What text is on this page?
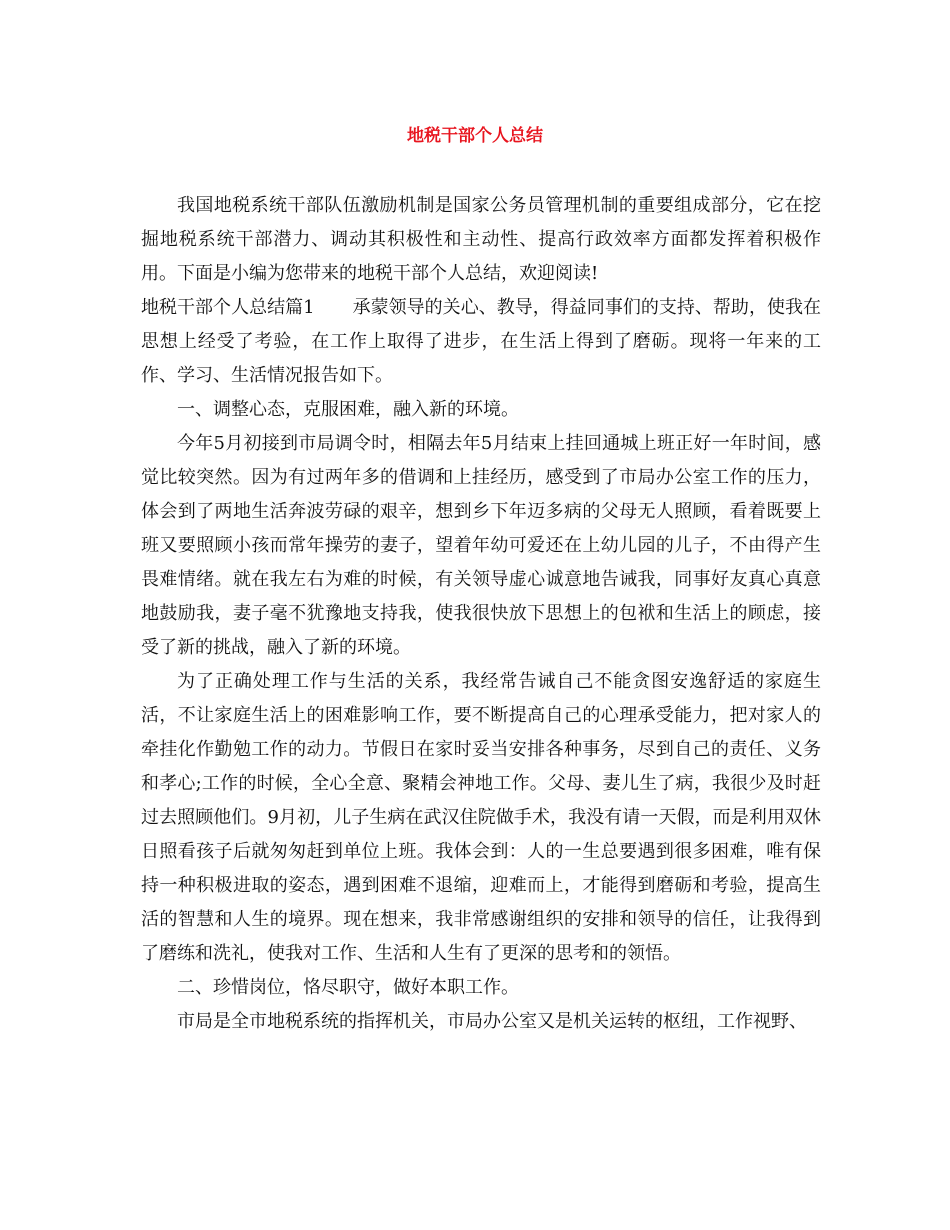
地税干部个人总结

我国地税系统干部队伍激励机制是国家公务员管理机制的重要组成部分，它在挖掘地税系统干部潜力、调动其积极性和主动性、提高行政效率方面都发挥着积极作用。下面是小编为您带来的地税干部个人总结，欢迎阅读!

地税干部个人总结篇1 承蒙领导的关心、教导，得益同事们的支持、帮助，使我在思想上经受了考验，在工作上取得了进步，在生活上得到了磨砺。现将一年来的工作、学习、生活情况报告如下。

一、调整心态，克服困难，融入新的环境。

今年5月初接到市局调令时，相隔去年5月结束上挂回通城上班正好一年时间，感觉比较突然。因为有过两年多的借调和上挂经历，感受到了市局办公室工作的压力，体会到了两地生活奔波劳碌的艰辛，想到乡下年迈多病的父母无人照顾，看着既要上班又要照顾小孩而常年操劳的妻子，望着年幼可爱还在上幼儿园的儿子，不由得产生畏难情绪。就在我左右为难的时候，有关领导虚心诚意地告诫我，同事好友真心真意地鼓励我，妻子毫不犹豫地支持我，使我很快放下思想上的包袱和生活上的顾虑，接受了新的挑战，融入了新的环境。

为了正确处理工作与生活的关系，我经常告诫自己不能贪图安逸舒适的家庭生活，不让家庭生活上的困难影响工作，要不断提高自己的心理承受能力，把对家人的牵挂化作勤勉工作的动力。节假日在家时妥当安排各种事务，尽到自己的责任、义务和孝心;工作的时候，全心全意、聚精会神地工作。父母、妻儿生了病，我很少及时赶过去照顾他们。9月初，儿子生病在武汉住院做手术，我没有请一天假，而是利用双休日照看孩子后就匆匆赶到单位上班。我体会到：人的一生总要遇到很多困难，唯有保持一种积极进取的姿态，遇到困难不退缩，迎难而上，才能得到磨砺和考验，提高生活的智慧和人生的境界。现在想来，我非常感谢组织的安排和领导的信任，让我得到了磨练和洗礼，使我对工作、生活和人生有了更深的思考和的领悟。

二、珍惜岗位，恪尽职守，做好本职工作。

市局是全市地税系统的指挥机关，市局办公室又是机关运转的枢纽，工作视野、
